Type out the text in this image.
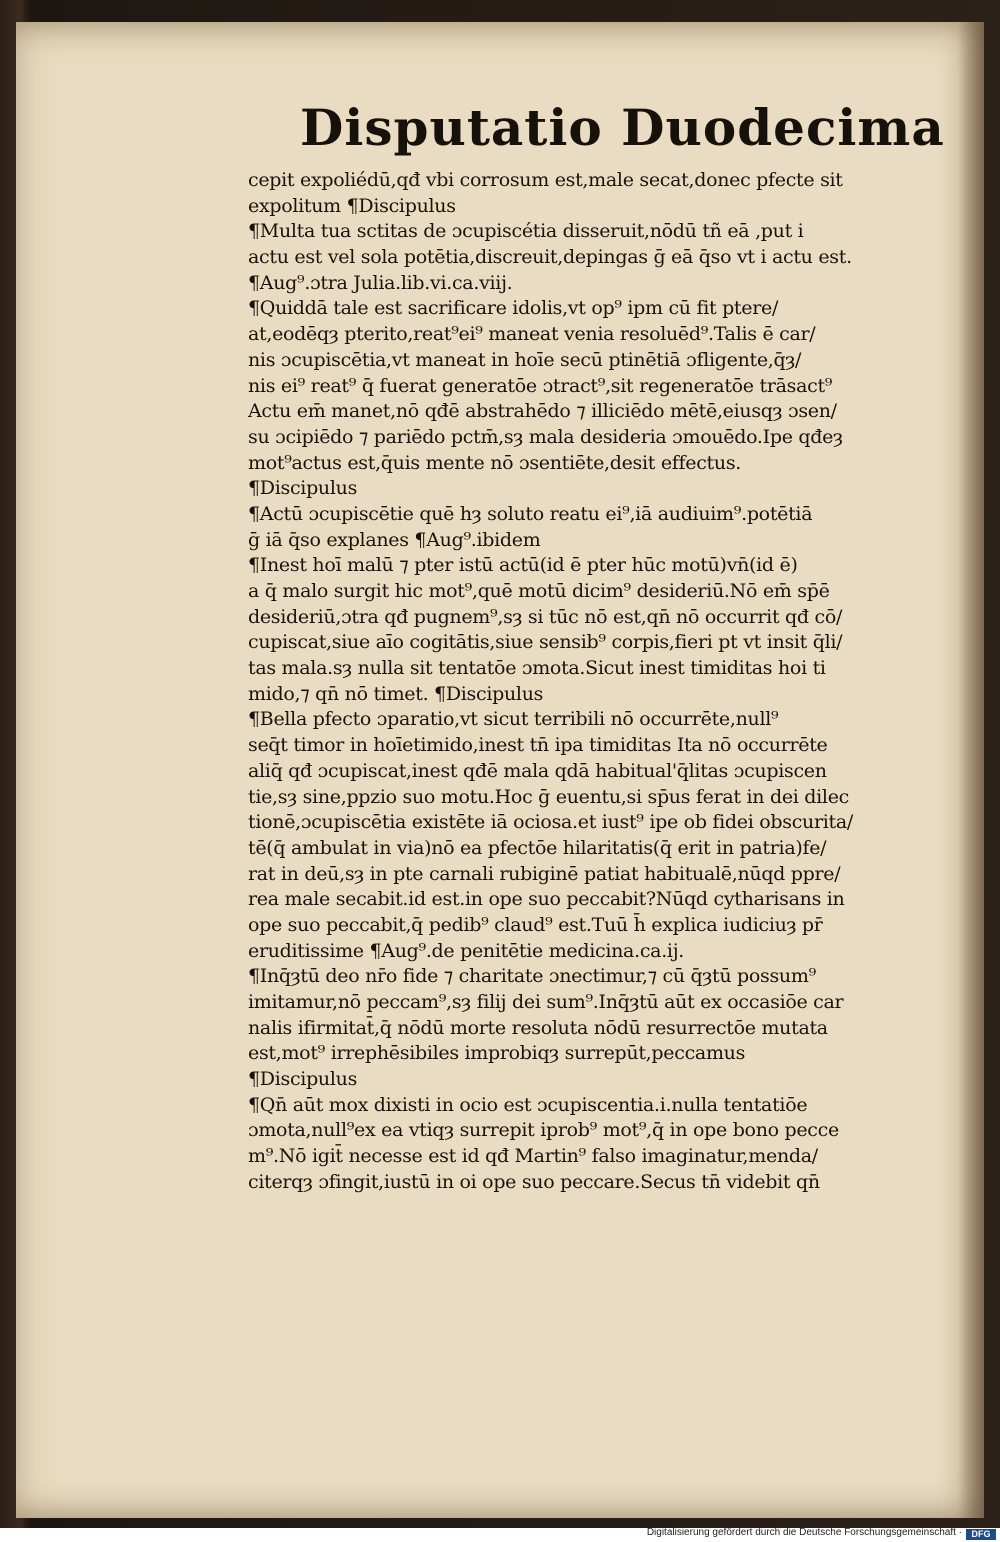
Disputatio Duodecima
cepit expoliédū,qđ vbi corrosum est,male secat,donec pfecte sit
expolitum ¶Discipulus
¶Multa tua sctitas de ɔcupiscétia disseruit,nōdū tñ eā ,put i
actu est vel sola potētia,discreuit,depingas ḡ eā q̄so vt i actu est.
¶Aug⁹.ɔtra Julia.lib.vi.ca.viij.
¶Quiddā tale est sacrificare idolis,vt op⁹ ipm cū fit ptere/
at,eodēqȝ pterito,reat⁹ei⁹ maneat venia resoluēd⁹.Talis ē car/
nis ɔcupiscētia,vt maneat in hoīe secū ptinētiā ɔfligente,q̄ȝ/
nis ei⁹ reat⁹ q̄ fuerat generatōe ɔtract⁹,sit regeneratōe trāsact⁹
Actu em̄ manet,nō qđē abstrahēdo ⁊ illiciēdo mētē,eiusqȝ ɔsen/
su ɔcipiēdo ⁊ pariēdo pctm̄,sȝ mala desideria ɔmouēdo.Ipe qđeȝ
mot⁹actus est,q̄uis mente nō ɔsentiēte,desit effectus.
¶Discipulus
¶Actū ɔcupiscētie quē hȝ soluto reatu ei⁹,iā audiuim⁹.potētiā
ḡ iā q̄so explanes ¶Aug⁹.ibidem
¶Inest hoī malū ⁊ pter istū actū(id ē pter hūc motū)vn̄(id ē)
a q̄ malo surgit hic mot⁹,quē motū dicim⁹ desideriū.Nō em̄ sp̄ē
desideriū,ɔtra qđ pugnem⁹,sȝ si tūc nō est,qn̄ nō occurrit qđ cō/
cupiscat,siue aīo cogitātis,siue sensib⁹ corpis,fieri pt vt insit q̄li/
tas mala.sȝ nulla sit tentatōe ɔmota.Sicut inest timiditas hoi ti
mido,⁊ qn̄ nō timet. ¶Discipulus
¶Bella pfecto ɔparatio,vt sicut terribili nō occurrēte,null⁹
seq̄t timor in hoīetimido,inest tn̄ ipa timiditas Ita nō occurrēte
aliq̄ qđ ɔcupiscat,inest qđē mala qdā habitual'q̄litas ɔcupiscen
tie,sȝ sine,ppzio suo motu.Hoc ḡ euentu,si sp̄us ferat in dei dilec
tionē,ɔcupiscētia existēte iā ociosa.et iust⁹ ipe ob fidei obscurita/
tē(q̄ ambulat in via)nō ea pfectōe hilaritatis(q̄ erit in patria)fe/
rat in deū,sȝ in pte carnali rubiginē patiat habitualē,nūqd ppre/
rea male secabit.id est.in ope suo peccabit?Nūqd cytharisans in
ope suo peccabit,q̄ pedib⁹ claud⁹ est.Tuū h̄ explica iudiciuȝ pr̄
eruditissime ¶Aug⁹.de penitētie medicina.ca.ij.
¶Inq̄ȝtū deo nr̄o fide ⁊ charitate ɔnectimur,⁊ cū q̄ȝtū possum⁹
imitamur,nō peccam⁹,sȝ filij dei sum⁹.Inq̄ȝtū aūt ex occasiōe car
nalis ifirmitat̄,q̄ nōdū morte resoluta nōdū resurrectōe mutata
est,mot⁹ irrephēsibiles improbiqȝ surrepūt,peccamus
¶Discipulus
¶Qn̄ aūt mox dixisti in ocio est ɔcupiscentia.i.nulla tentatiōe
ɔmota,null⁹ex ea vtiqȝ surrepit iprob⁹ mot⁹,q̄ in ope bono pecce
m⁹.Nō igit̄ necesse est id qđ Martin⁹ falso imaginatur,menda/
citerqȝ ɔfingit,iustū in oi ope suo peccare.Secus tn̄ videbit qn̄
Digitalisierung gefördert durch die Deutsche Forschungsgemeinschaft ·	DFG
